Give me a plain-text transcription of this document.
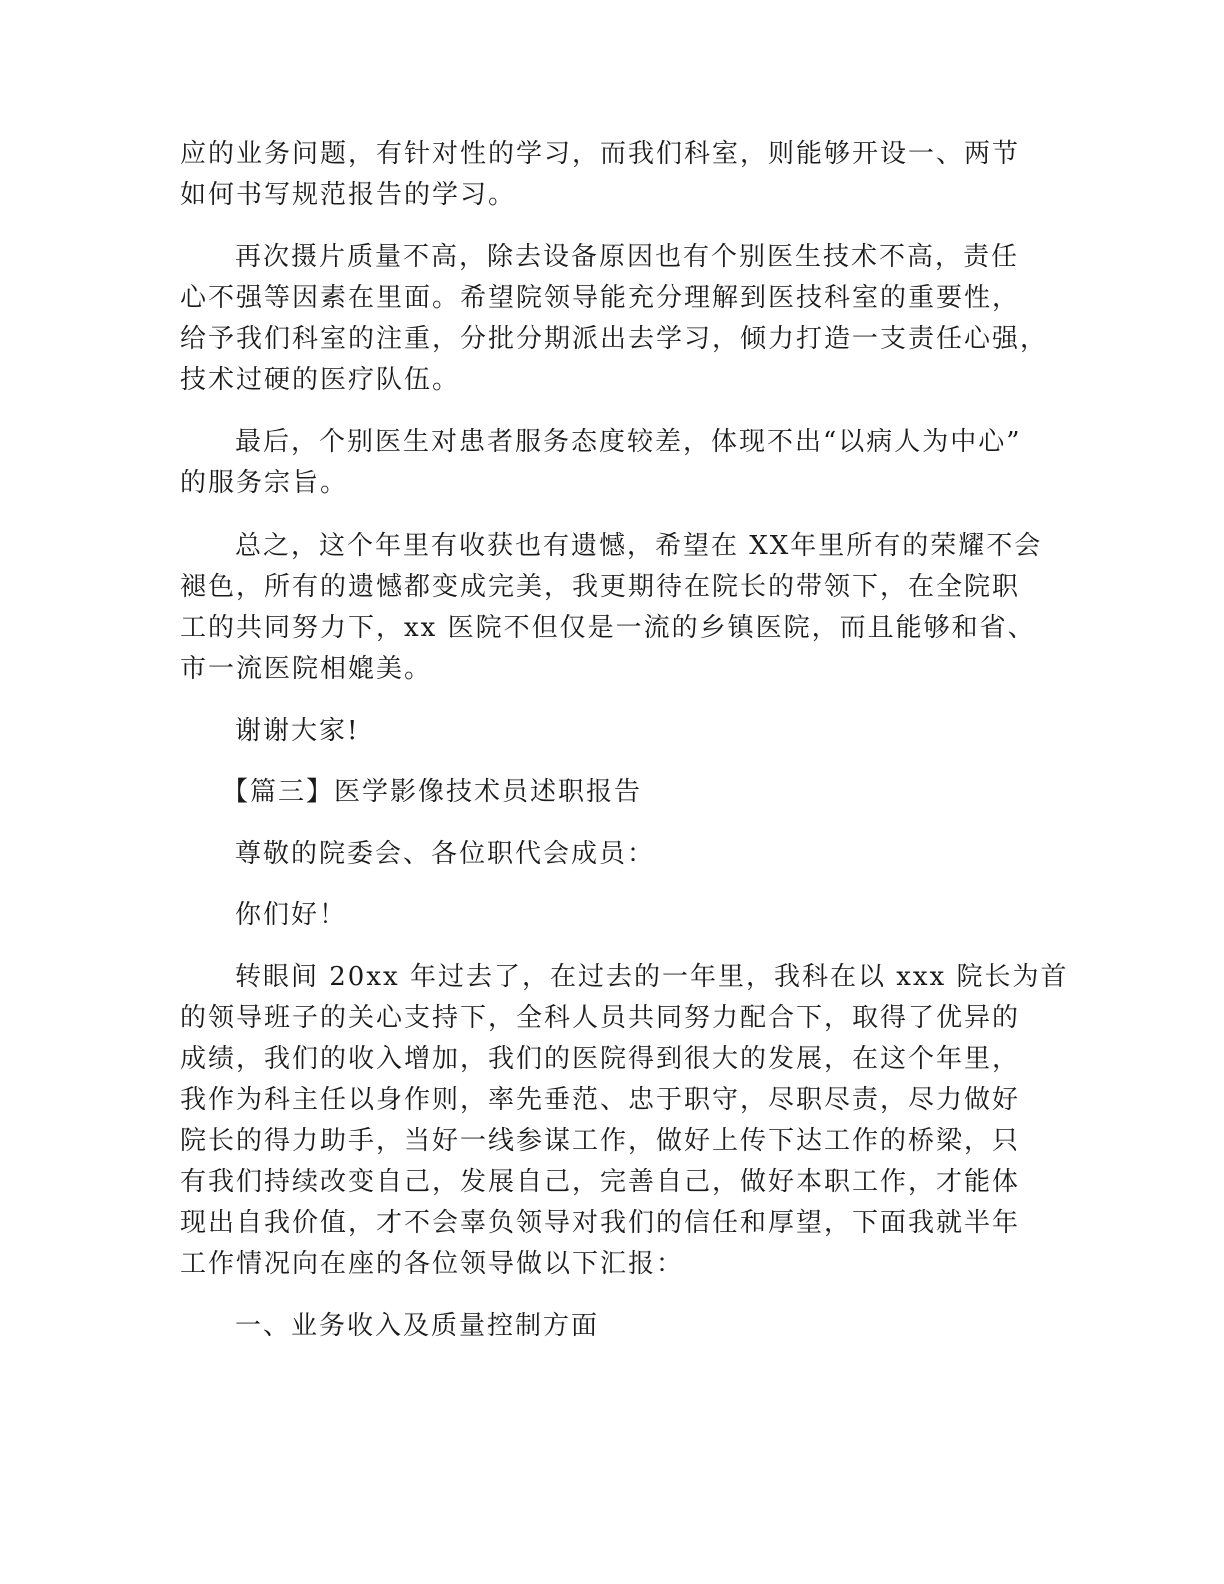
应的业务问题，有针对性的学习，而我们科室，则能够开设一、两节
如何书写规范报告的学习。
再次摄片质量不高，除去设备原因也有个别医生技术不高，责任
心不强等因素在里面。希望院领导能充分理解到医技科室的重要性，
给予我们科室的注重，分批分期派出去学习，倾力打造一支责任心强，
技术过硬的医疗队伍。
最后，个别医生对患者服务态度较差，体现不出“以病人为中心”
的服务宗旨。
总之，这个年里有收获也有遗憾，希望在 XX年里所有的荣耀不会
褪色，所有的遗憾都变成完美，我更期待在院长的带领下，在全院职
工的共同努力下，xx 医院不但仅是一流的乡镇医院，而且能够和省、
市一流医院相媲美。
谢谢大家!
【篇三】医学影像技术员述职报告
尊敬的院委会、各位职代会成员：
你们好！
转眼间 20xx 年过去了，在过去的一年里，我科在以 xxx 院长为首
的领导班子的关心支持下，全科人员共同努力配合下，取得了优异的
成绩，我们的收入增加，我们的医院得到很大的发展，在这个年里，
我作为科主任以身作则，率先垂范、忠于职守，尽职尽责，尽力做好
院长的得力助手，当好一线参谋工作，做好上传下达工作的桥梁，只
有我们持续改变自己，发展自己，完善自己，做好本职工作，才能体
现出自我价值，才不会辜负领导对我们的信任和厚望，下面我就半年
工作情况向在座的各位领导做以下汇报：
一、业务收入及质量控制方面
